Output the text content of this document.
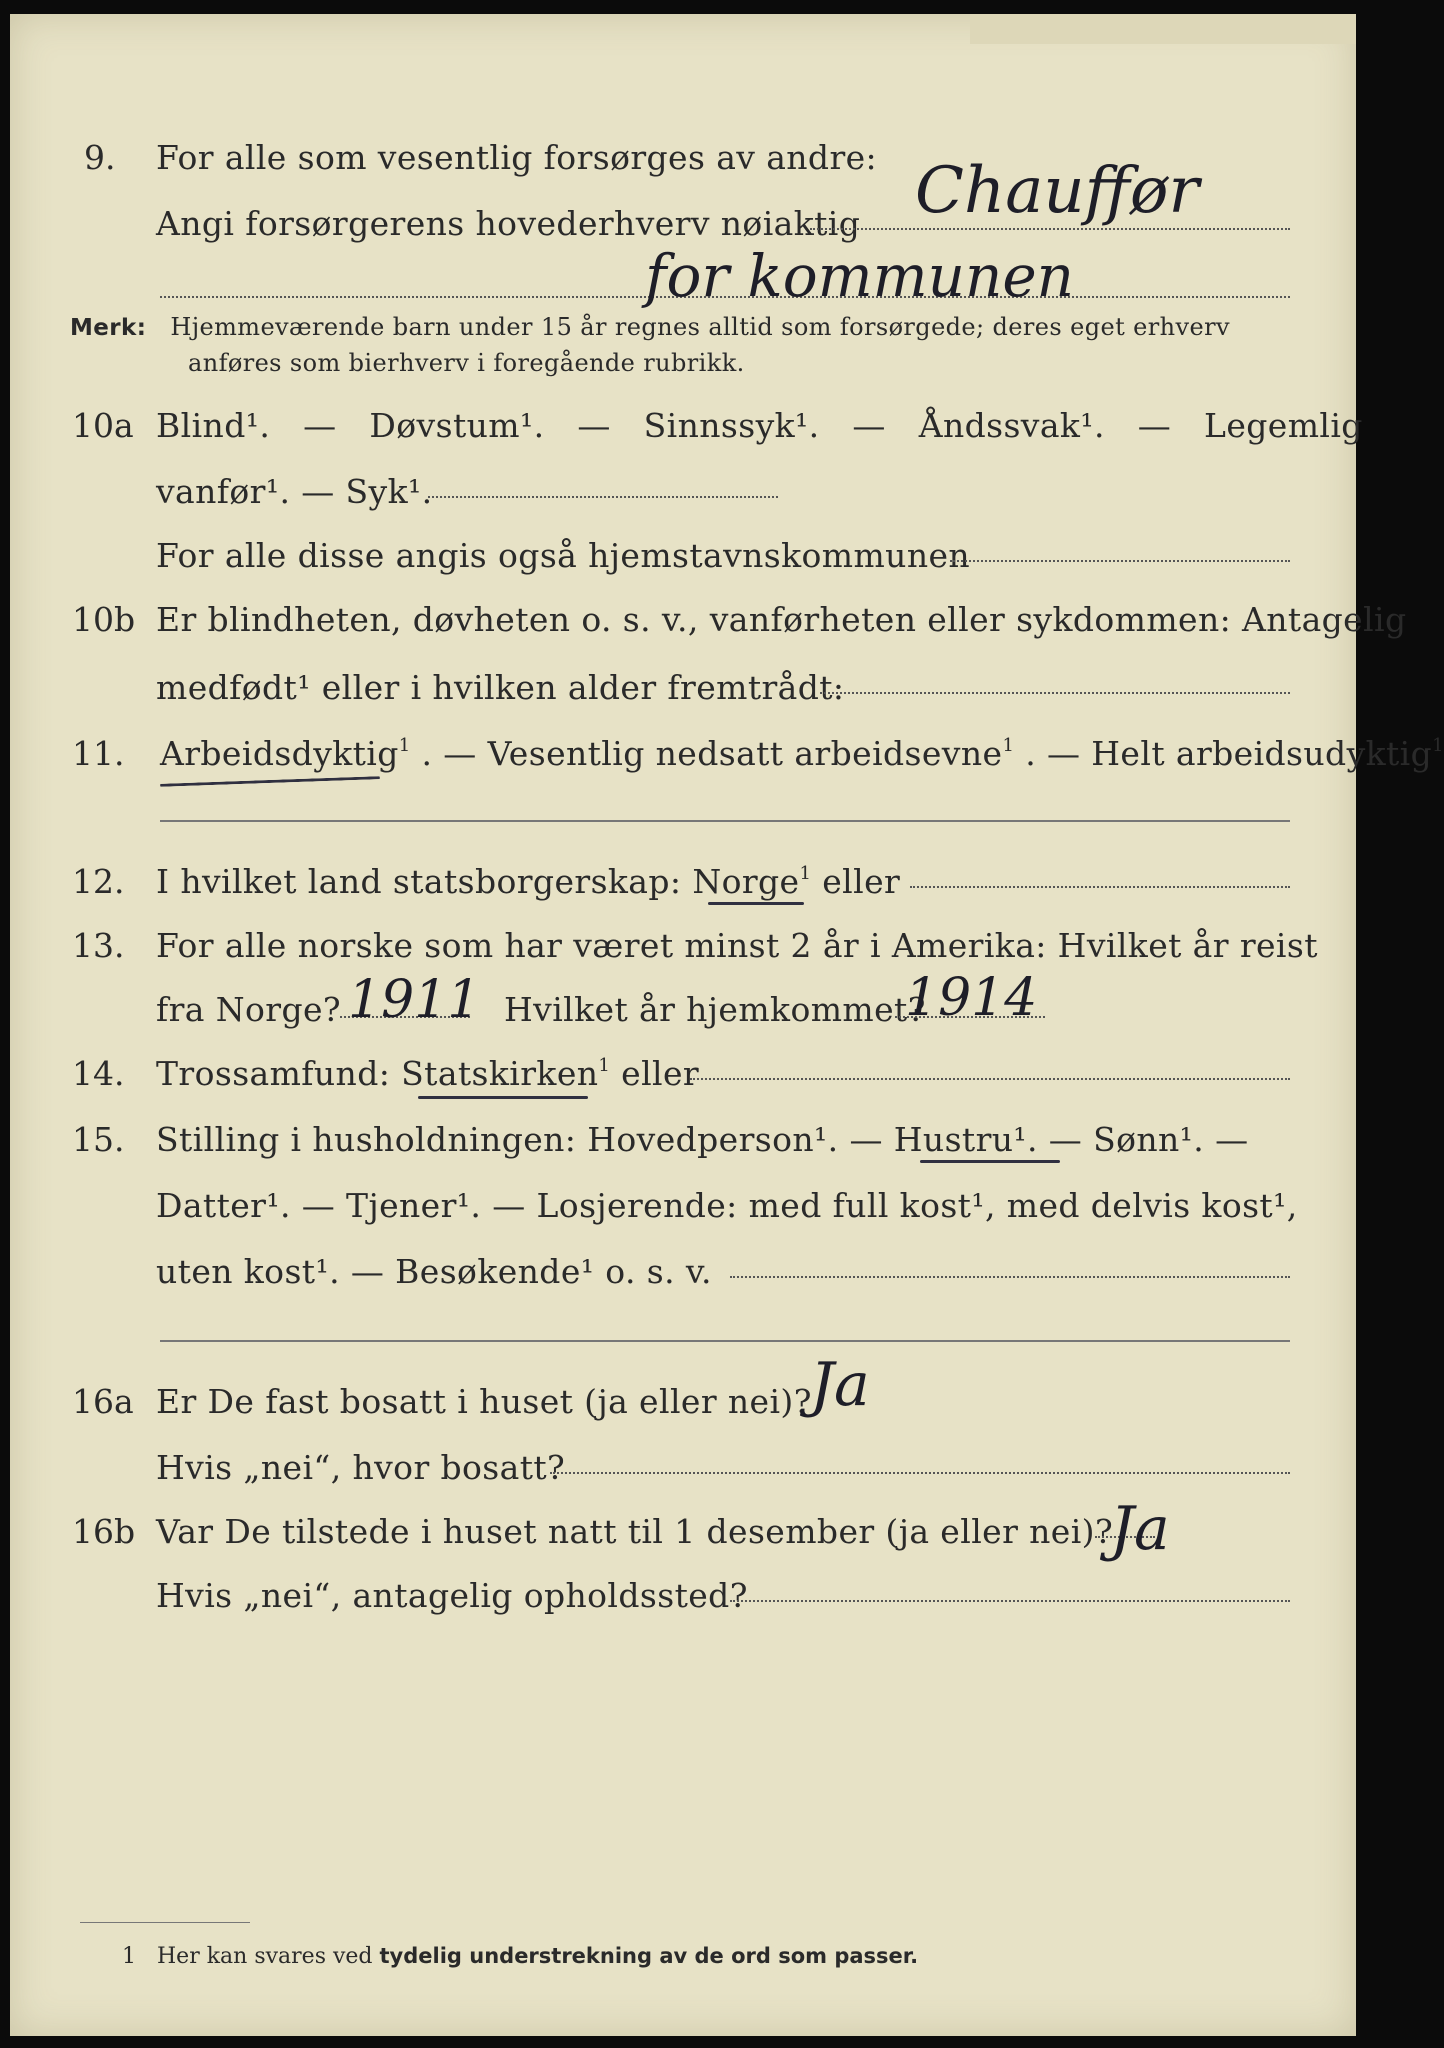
9. For alle som vesentlig forsørges av andre:
Angi forsørgerens hovederhverv nøiaktig Chauffør
for kommunen
Merk: Hjemmeværende barn under 15 år regnes alltid som forsørgede; deres eget erhverv
anføres som bierhverv i foregående rubrikk.
10a Blind¹. — Døvstum¹. — Sinnssyk¹. — Åndssvak¹. — Legemlig
vanfør¹. — Syk¹.
For alle disse angis også hjemstavnskommunen
10b Er blindheten, døvheten o. s. v., vanførheten eller sykdommen: Antagelig
medfødt¹ eller i hvilken alder fremtrådt:
11. Arbeidsdyktig$^1$ . — Vesentlig nedsatt arbeidsevne$^1$ . — Helt arbeidsudyktig$^1$
12. I hvilket land statsborgerskap: Norge$^1$ eller
13. For alle norske som har været minst 2 år i Amerika: Hvilket år reist
fra Norge? 1911 Hvilket år hjemkommet?
1914
14. Trossamfund: Statskirken$^1$ eller
15. Stilling i husholdningen: Hovedperson¹. — Hustru¹. — Sønn¹. —
Datter¹. — Tjener¹. — Losjerende: med full kost¹, med delvis kost¹,
uten kost¹. — Besøkende¹ o. s. v.
16a Er De fast bosatt i huset (ja eller nei)?
Ja
Hvis „nei“, hvor bosatt?
16b Var De tilstede i huset natt til 1 desember (ja eller nei)?
Ja
Hvis „nei“, antagelig opholdssted?
1 Her kan svares ved tydelig understrekning av de ord som passer.
